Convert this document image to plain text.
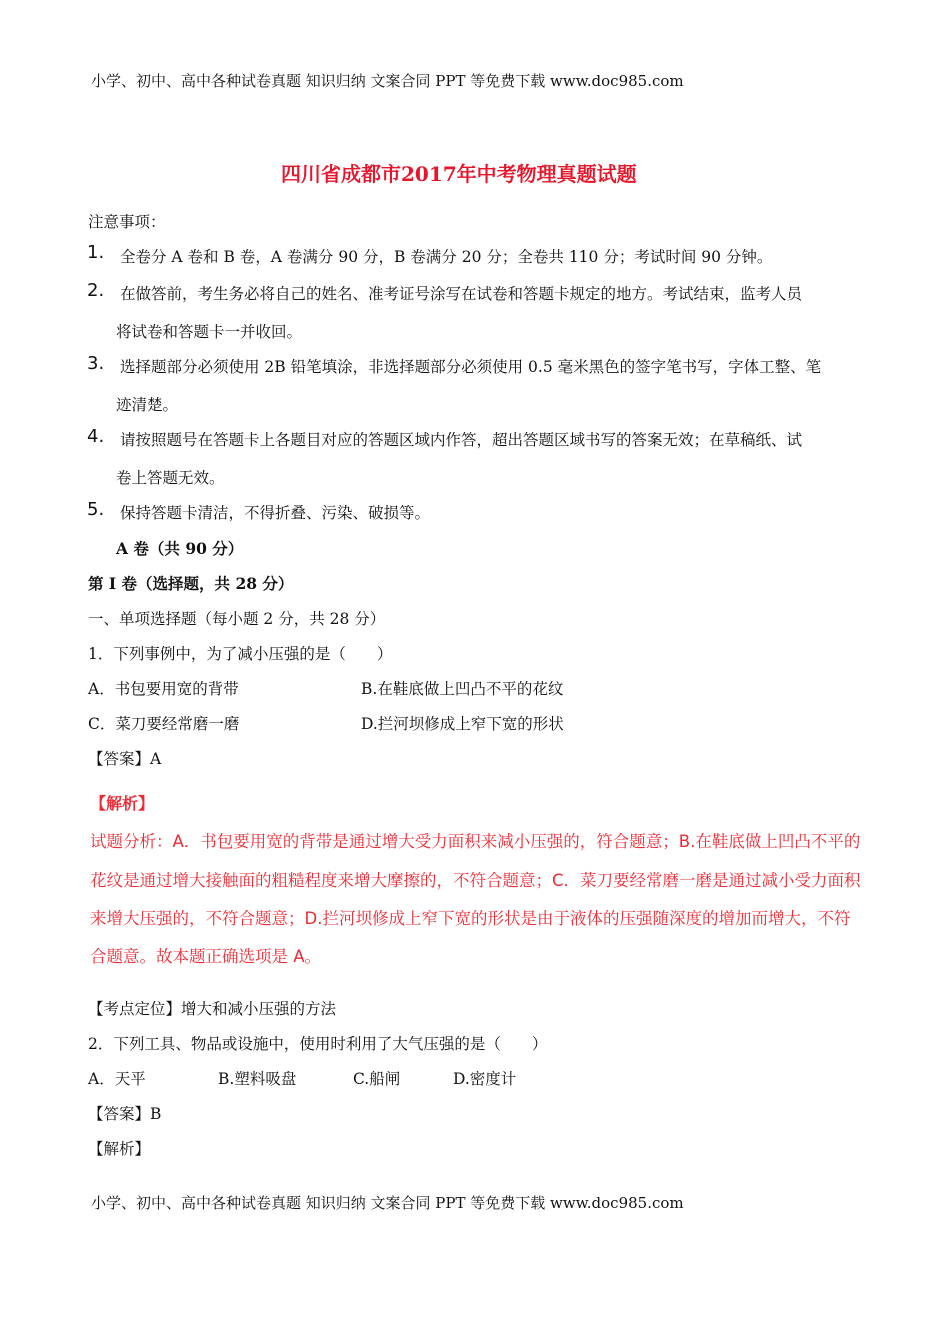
小学、初中、高中各种试卷真题 知识归纳 文案合同 PPT 等免费下载 www.doc985.com
四川省成都市2017年中考物理真题试题
注意事项：
1. 全卷分 A 卷和 B 卷，A 卷满分 90 分，B 卷满分 20 分；全卷共 110 分；考试时间 90 分钟。
2. 在做答前，考生务必将自己的姓名、准考证号涂写在试卷和答题卡规定的地方。考试结束，监考人员
将试卷和答题卡一并收回。
3. 选择题部分必须使用 2B 铅笔填涂，非选择题部分必须使用 0.5 毫米黑色的签字笔书写，字体工整、笔
迹清楚。
4. 请按照题号在答题卡上各题目对应的答题区域内作答，超出答题区域书写的答案无效；在草稿纸、试
卷上答题无效。
5. 保持答题卡清洁，不得折叠、污染、破损等。
A 卷（共 90 分）
第 I 卷（选择题，共 28 分）
一、单项选择题（每小题 2 分，共 28 分）
1．下列事例中，为了减小压强的是（　　）
A．书包要用宽的背带	B.在鞋底做上凹凸不平的花纹
C．菜刀要经常磨一磨	D.拦河坝修成上窄下宽的形状
【答案】A
【解析】
试题分析：A．书包要用宽的背带是通过增大受力面积来减小压强的，符合题意；B.在鞋底做上凹凸不平的
花纹是通过增大接触面的粗糙程度来增大摩擦的，不符合题意；C．菜刀要经常磨一磨是通过减小受力面积
来增大压强的，不符合题意；D.拦河坝修成上窄下宽的形状是由于液体的压强随深度的增加而增大，不符
合题意。故本题正确选项是 A。
【考点定位】增大和减小压强的方法
2．下列工具、物品或设施中，使用时利用了大气压强的是（　　）
A．天平	B.塑料吸盘	C.船闸	D.密度计
【答案】B
【解析】
小学、初中、高中各种试卷真题 知识归纳 文案合同 PPT 等免费下载 www.doc985.com
